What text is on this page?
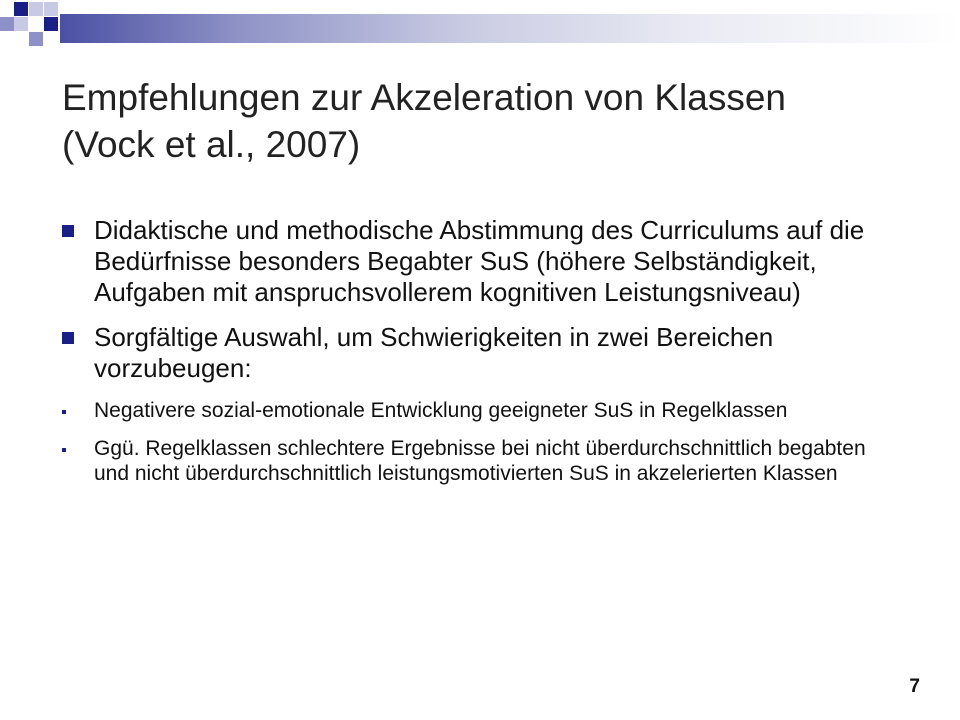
Empfehlungen zur Akzeleration von Klassen
(Vock et al., 2007)
Didaktische und methodische Abstimmung des Curriculums auf die Bedürfnisse besonders Begabter SuS (höhere Selbständigkeit, Aufgaben mit anspruchsvollerem kognitiven Leistungsniveau)
Sorgfältige Auswahl, um Schwierigkeiten in zwei Bereichen vorzubeugen:
Negativere sozial-emotionale Entwicklung geeigneter SuS in Regelklassen
Ggü. Regelklassen schlechtere Ergebnisse bei nicht überdurchschnittlich begabten und nicht überdurchschnittlich leistungsmotivierten SuS in akzelerierten Klassen
7
